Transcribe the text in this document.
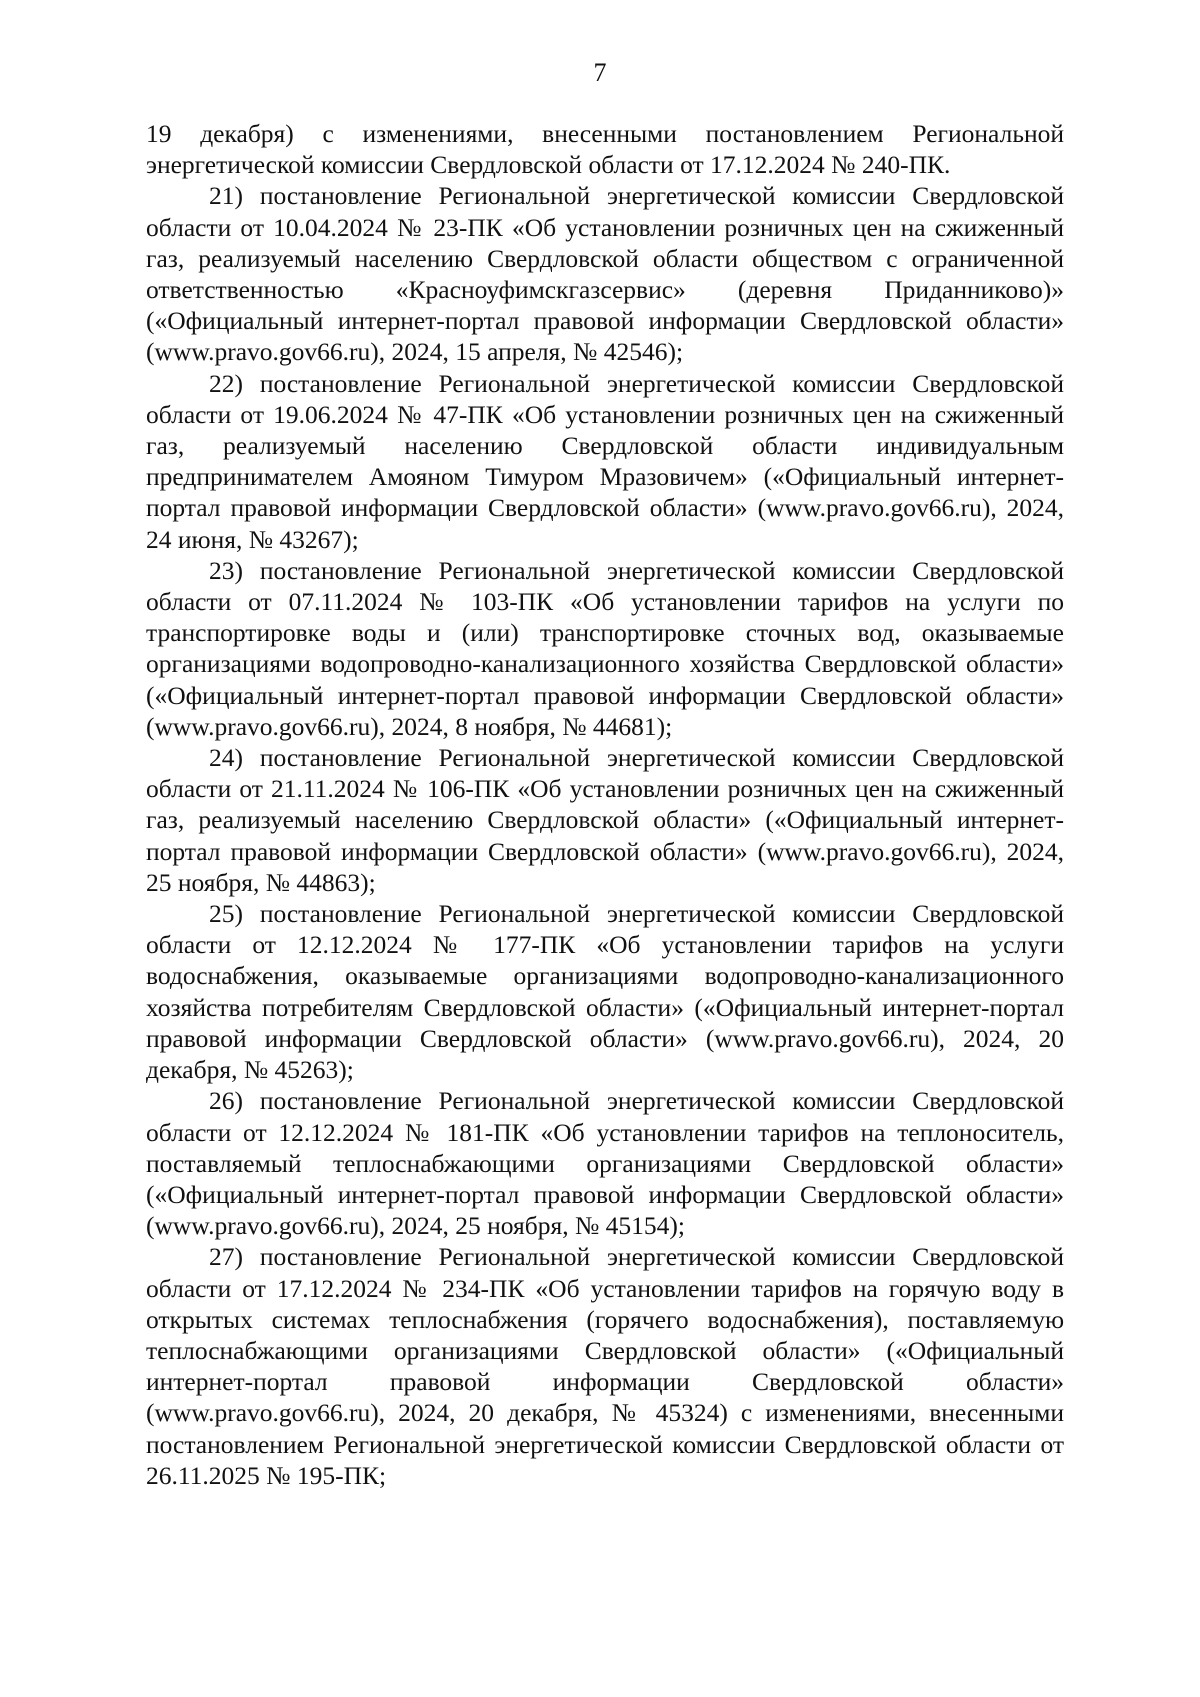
7

19 декабря) с изменениями, внесенными постановлением Региональной энергетической комиссии Свердловской области от 17.12.2024 № 240-ПК.

21) постановление Региональной энергетической комиссии Свердловской области от 10.04.2024 № 23-ПК «Об установлении розничных цен на сжиженный газ, реализуемый населению Свердловской области обществом с ограниченной ответственностью «Красноуфимскгазсервис» (деревня Приданниково)» («Официальный интернет-портал правовой информации Свердловской области» (www.pravo.gov66.ru), 2024, 15 апреля, № 42546);

22) постановление Региональной энергетической комиссии Свердловской области от 19.06.2024 № 47-ПК «Об установлении розничных цен на сжиженный газ, реализуемый населению Свердловской области индивидуальным предпринимателем Амояном Тимуром Мразовичем» («Официальный интернет-портал правовой информации Свердловской области» (www.pravo.gov66.ru), 2024, 24 июня, № 43267);

23) постановление Региональной энергетической комиссии Свердловской области от 07.11.2024 № 103-ПК «Об установлении тарифов на услуги по транспортировке воды и (или) транспортировке сточных вод, оказываемые организациями водопроводно-канализационного хозяйства Свердловской области» («Официальный интернет-портал правовой информации Свердловской области» (www.pravo.gov66.ru), 2024, 8 ноября, № 44681);

24) постановление Региональной энергетической комиссии Свердловской области от 21.11.2024 № 106-ПК «Об установлении розничных цен на сжиженный газ, реализуемый населению Свердловской области» («Официальный интернет-портал правовой информации Свердловской области» (www.pravo.gov66.ru), 2024, 25 ноября, № 44863);

25) постановление Региональной энергетической комиссии Свердловской области от 12.12.2024 № 177-ПК «Об установлении тарифов на услуги водоснабжения, оказываемые организациями водопроводно-канализационного хозяйства потребителям Свердловской области» («Официальный интернет-портал правовой информации Свердловской области» (www.pravo.gov66.ru), 2024, 20 декабря, № 45263);

26) постановление Региональной энергетической комиссии Свердловской области от 12.12.2024 № 181-ПК «Об установлении тарифов на теплоноситель, поставляемый теплоснабжающими организациями Свердловской области» («Официальный интернет-портал правовой информации Свердловской области» (www.pravo.gov66.ru), 2024, 25 ноября, № 45154);

27) постановление Региональной энергетической комиссии Свердловской области от 17.12.2024 № 234-ПК «Об установлении тарифов на горячую воду в открытых системах теплоснабжения (горячего водоснабжения), поставляемую теплоснабжающими организациями Свердловской области» («Официальный интернет-портал правовой информации Свердловской области» (www.pravo.gov66.ru), 2024, 20 декабря, № 45324) с изменениями, внесенными постановлением Региональной энергетической комиссии Свердловской области от 26.11.2025 № 195-ПК;
